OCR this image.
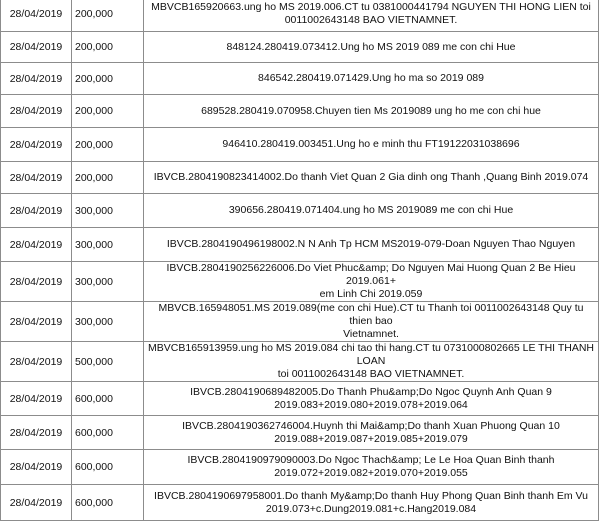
28/04/2019	200,000	MBVCB165920663.ung ho MS 2019.006.CT tu 0381000441794 NGUYEN THI HONG LIEN toi
0011002643148 BAO VIETNAMNET.
28/04/2019	200,000	848124.280419.073412.Ung ho MS 2019 089 me con chi Hue
28/04/2019	200,000	846542.280419.071429.Ung ho ma so 2019 089
28/04/2019	200,000	689528.280419.070958.Chuyen tien Ms 2019089 ung ho me con chi hue
28/04/2019	200,000	946410.280419.003451.Ung ho e minh thu FT19122031038696
28/04/2019	200,000	IBVCB.2804190823414002.Do thanh Viet Quan 2 Gia dinh ong Thanh ,Quang Binh 2019.074
28/04/2019	300,000	390656.280419.071404.ung ho MS 2019089 me con chi Hue
28/04/2019	300,000	IBVCB.2804190496198002.N N Anh Tp HCM MS2019-079-Doan Nguyen Thao Nguyen
28/04/2019	300,000	IBVCB.2804190256226006.Do Viet Phuc&amp; Do Nguyen Mai Huong Quan 2 Be Hieu 2019.061+
em Linh Chi 2019.059
28/04/2019	300,000	MBVCB.165948051.MS 2019.089(me con chi Hue).CT tu Thanh toi 0011002643148 Quy tu thien bao
Vietnamnet.
28/04/2019	500,000	MBVCB165913959.ung ho MS 2019.084 chi tao thi hang.CT tu 0731000802665 LE THI THANH LOAN
toi 0011002643148 BAO VIETNAMNET.
28/04/2019	600,000	IBVCB.2804190689482005.Do Thanh Phu&amp;Do Ngoc Quynh Anh Quan 9
2019.083+2019.080+2019.078+2019.064
28/04/2019	600,000	IBVCB.2804190362746004.Huynh thi Mai&amp;Do thanh Xuan Phuong Quan 10
2019.088+2019.087+2019.085+2019.079
28/04/2019	600,000	IBVCB.2804190979090003.Do Ngoc Thach&amp; Le Le Hoa Quan Binh thanh
2019.072+2019.082+2019.070+2019.055
28/04/2019	600,000	IBVCB.2804190697958001.Do thanh My&amp;Do thanh Huy Phong Quan Binh thanh Em Vu
2019.073+c.Dung2019.081+c.Hang2019.084
